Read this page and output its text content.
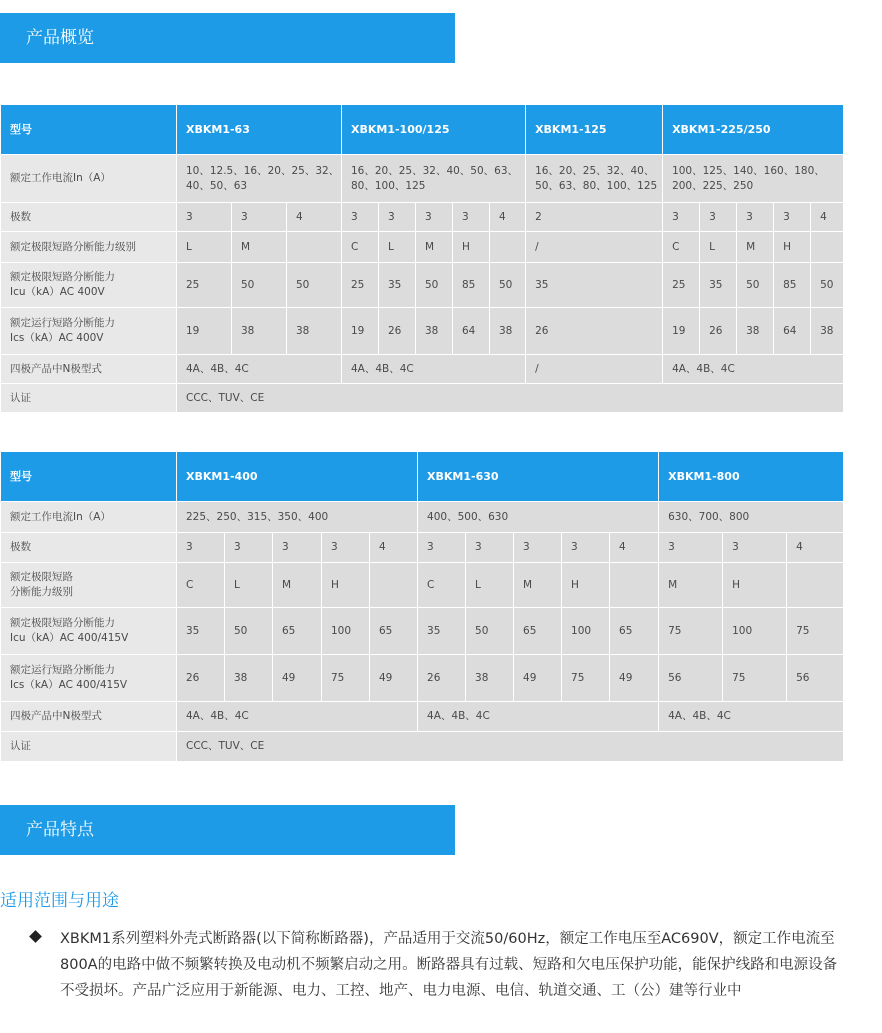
产品概览
型号	XBKM1-63			XBKM1-100/125					XBKM1-125	XBKM1-225/250				
额定工作电流In（A）	10、12.5、16、20、25、32、40、50、63			16、20、25、32、40、50、63、80、100、125					16、20、25、32、40、50、63、80、100、125	100、125、140、160、180、200、225、250				
极数	3	3	4	3	3	3	3	4	2	3	3	3	3	4
额定极限短路分断能力级别	L	M		C	L	M	H		/	C	L	M	H	

额定极限短路分断能力
Icu（kA）AC 400V	25	50	50	25	35	50	85	50	35	25	35	50	85	50

额定运行短路分断能力
Ics（kA）AC 400V	19	38	38	19	26	38	64	38	26	19	26	38	64	38
四极产品中N极型式	4A、4B、4C			4A、4B、4C					/	4A、4B、4C				
认证	CCC、TUV、CE													
型号	XBKM1-400					XBKM1-630					XBKM1-800		
额定工作电流In（A）	225、250、315、350、400					400、500、630					630、700、800		
极数	3	3	3	3	4	3	3	3	3	4	3	3	4

额定极限短路
分断能力级别	C	L	M	H		C	L	M	H		M	H	

额定极限短路分断能力
Icu（kA）AC 400/415V	35	50	65	100	65	35	50	65	100	65	75	100	75

额定运行短路分断能力
Ics（kA）AC 400/415V	26	38	49	75	49	26	38	49	75	49	56	75	56
四极产品中N极型式	4A、4B、4C					4A、4B、4C					4A、4B、4C		
认证	CCC、TUV、CE												
产品特点
适用范围与用途
XBKM1系列塑料外壳式断路器(以下简称断路器)，产品适用于交流50/60Hz，额定工作电压至AC690V，额定工作电流至800A的电路中做不频繁转换及电动机不频繁启动之用。断路器具有过载、短路和欠电压保护功能，能保护线路和电源设备不受损坏。产品广泛应用于新能源、电力、工控、地产、电力电源、电信、轨道交通、工（公）建等行业中
